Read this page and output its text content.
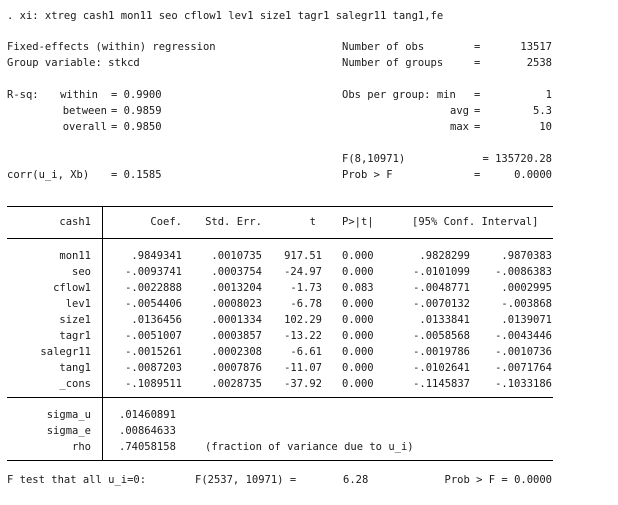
. xi: xtreg cash1 mon11 seo cflow1 lev1 size1 tagr1 salegr11 tang1,fe
Fixed-effects (within) regression
Group variable: stkcd
R-sq:	within = 0.9900
between = 0.9859
overall = 0.9850
corr(u_i, Xb) = 0.1585
Number of obs	=	13517
Number of groups	=	2538
Obs per group: min =	1
avg =	5.3
max =	10
F(8,10971)	= 135720.28
Prob > F	=	0.0000
cash1	Coef.	Std. Err.	t P>|t|	[95% Conf. Interval]
mon11	.9849341	.0010735	917.51 0.000	.9828299	.9870383
seo	-.0093741	.0003754	-24.97 0.000	-.0101099	-.0086383
cflow1	-.0022888	.0013204	-1.73 0.083	-.0048771	.0002995
lev1	-.0054406	.0008023	-6.78 0.000	-.0070132	-.003868
size1	.0136456	.0001334	102.29 0.000	.0133841	.0139071
tagr1	-.0051007	.0003857	-13.22 0.000	-.0058568	-.0043446
salegr11	-.0015261	.0002308	-6.61 0.000	-.0019786	-.0010736
tang1	-.0087203	.0007876	-11.07 0.000	-.0102641	-.0071764
_cons	-.1089511	.0028735	-37.92 0.000	-.1145837	-.1033186
sigma_u	.01460891
sigma_e	.00864633
rho	.74058158	(fraction of variance due to u_i)
F test that all u_i=0:	F(2537, 10971) =	6.28	Prob > F = 0.0000
